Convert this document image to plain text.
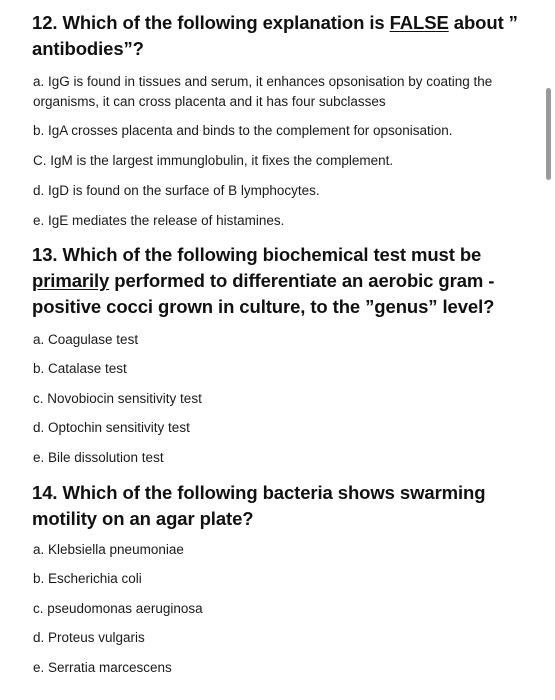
12. Which of the following explanation is FALSE about ” antibodies”?
a. IgG is found in tissues and serum, it enhances opsonisation by coating the organisms, it can cross placenta and it has four subclasses
b. IgA crosses placenta and binds to the complement for opsonisation.
C. IgM is the largest immunglobulin, it fixes the complement.
d. IgD is found on the surface of B lymphocytes.
e. IgE mediates the release of histamines.
13. Which of the following biochemical test must be primarily performed to differentiate an aerobic gram - positive cocci grown in culture, to the ”genus” level?
a. Coagulase test
b. Catalase test
c. Novobiocin sensitivity test
d. Optochin sensitivity test
e. Bile dissolution test
14. Which of the following bacteria shows swarming motility on an agar plate?
a. Klebsiella pneumoniae
b. Escherichia coli
c. pseudomonas aeruginosa
d. Proteus vulgaris
e. Serratia marcescens
